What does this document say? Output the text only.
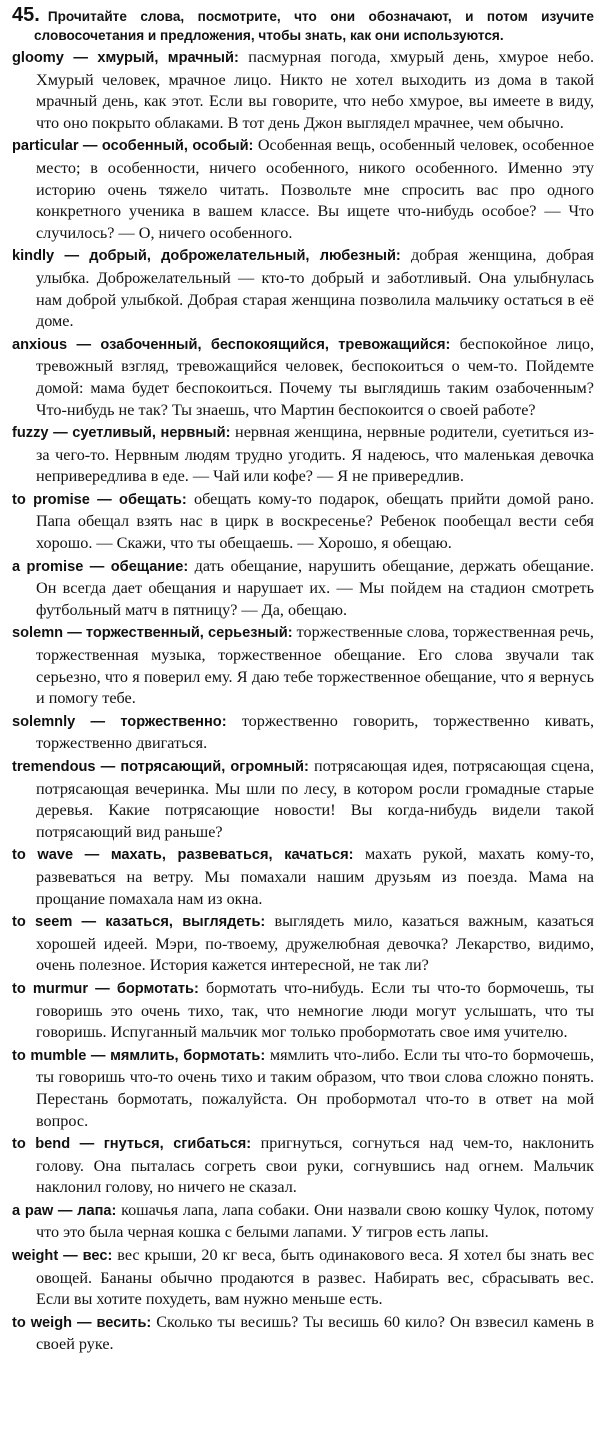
45. Прочитайте слова, посмотрите, что они обозначают, и потом изучите словосочетания и предложения, чтобы знать, как они используются.

gloomy — хмурый, мрачный: пасмурная погода, хмурый день, хмурое небо. Хмурый человек, мрачное лицо. Никто не хотел выходить из дома в такой мрачный день, как этот. Если вы говорите, что небо хмурое, вы имеете в виду, что оно покрыто облаками. В тот день Джон выглядел мрачнее, чем обычно.

particular — особенный, особый: Особенная вещь, особенный человек, особенное место; в особенности, ничего особенного, никого особенного. Именно эту историю очень тяжело читать. Позвольте мне спросить вас про одного конкретного ученика в вашем классе. Вы ищете что-нибудь особое? — Что случилось? — О, ничего особенного.

kindly — добрый, доброжелательный, любезный: добрая женщина, добрая улыбка. Доброжелательный — кто-то добрый и заботливый. Она улыбнулась нам доброй улыбкой. Добрая старая женщина позволила мальчику остаться в её доме.

anxious — озабоченный, беспокоящийся, тревожащийся: беспокойное лицо, тревожный взгляд, тревожащийся человек, беспокоиться о чем-то. Пойдемте домой: мама будет беспокоиться. Почему ты выглядишь таким озабоченным? Что-нибудь не так? Ты знаешь, что Мартин беспокоится о своей работе?

fuzzy — суетливый, нервный: нервная женщина, нервные родители, суетиться из-за чего-то. Нервным людям трудно угодить. Я надеюсь, что маленькая девочка непривередлива в еде. — Чай или кофе? — Я не привередлив.

to promise — обещать: обещать кому-то подарок, обещать прийти домой рано. Папа обещал взять нас в цирк в воскресенье? Ребенок пообещал вести себя хорошо. — Скажи, что ты обещаешь. — Хорошо, я обещаю.

a promise — обещание: дать обещание, нарушить обещание, держать обещание. Он всегда дает обещания и нарушает их. — Мы пойдем на стадион смотреть футбольный матч в пятницу? — Да, обещаю.

solemn — торжественный, серьезный: торжественные слова, торжественная речь, торжественная музыка, торжественное обещание. Его слова звучали так серьезно, что я поверил ему. Я даю тебе торжественное обещание, что я вернусь и помогу тебе.

solemnly — торжественно: торжественно говорить, торжественно кивать, торжественно двигаться.

tremendous — потрясающий, огромный: потрясающая идея, потрясающая сцена, потрясающая вечеринка. Мы шли по лесу, в котором росли громадные старые деревья. Какие потрясающие новости! Вы когда-нибудь видели такой потрясающий вид раньше?

to wave — махать, развеваться, качаться: махать рукой, махать кому-то, развеваться на ветру. Мы помахали нашим друзьям из поезда. Мама на прощание помахала нам из окна.

to seem — казаться, выглядеть: выглядеть мило, казаться важным, казаться хорошей идеей. Мэри, по-твоему, дружелюбная девочка? Лекарство, видимо, очень полезное. История кажется интересной, не так ли?

to murmur — бормотать: бормотать что-нибудь. Если ты что-то бормочешь, ты говоришь это очень тихо, так, что немногие люди могут услышать, что ты говоришь. Испуганный мальчик мог только пробормотать свое имя учителю.

to mumble — мямлить, бормотать: мямлить что-либо. Если ты что-то бормочешь, ты говоришь что-то очень тихо и таким образом, что твои слова сложно понять. Перестань бормотать, пожалуйста. Он пробормотал что-то в ответ на мой вопрос.

to bend — гнуться, сгибаться: пригнуться, согнуться над чем-то, наклонить голову. Она пыталась согреть свои руки, согнувшись над огнем. Мальчик наклонил голову, но ничего не сказал.

a paw — лапа: кошачья лапа, лапа собаки. Они назвали свою кошку Чулок, потому что это была черная кошка с белыми лапами. У тигров есть лапы.

weight — вес: вес крыши, 20 кг веса, быть одинакового веса. Я хотел бы знать вес овощей. Бананы обычно продаются в развес. Набирать вес, сбрасывать вес. Если вы хотите похудеть, вам нужно меньше есть.

to weigh — весить: Сколько ты весишь? Ты весишь 60 кило? Он взвесил камень в своей руке.
